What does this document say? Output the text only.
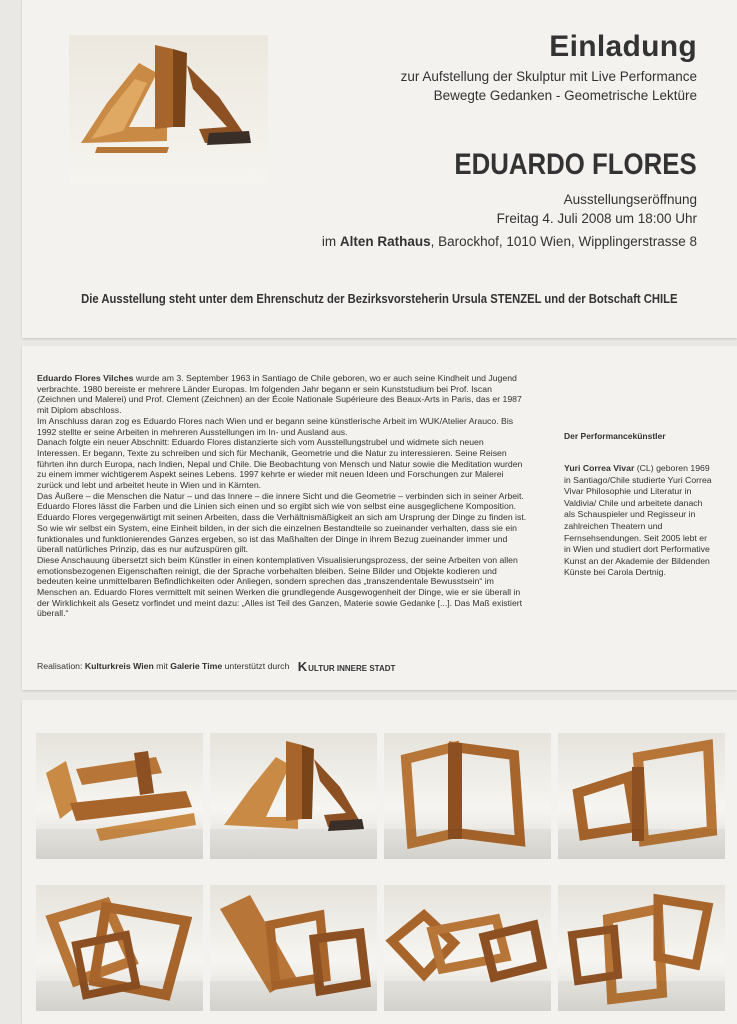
Einladung
zur Aufstellung der Skulptur mit Live Performance
Bewegte Gedanken - Geometrische Lektüre
EDUARDO FLORES
Ausstellungseröffnung
Freitag 4. Juli 2008 um 18:00 Uhr
im Alten Rathaus, Barockhof, 1010 Wien, Wipplingerstrasse 8
Die Ausstellung steht unter dem Ehrenschutz der Bezirksvorsteherin Ursula STENZEL und der Botschaft CHILE

Eduardo Flores Vilches wurde am 3. September 1963 in Santiago de Chile geboren, wo er auch seine Kindheit und Jugend verbrachte. 1980 bereiste er mehrere Länder Europas. Im folgenden Jahr begann er sein Kunststudium bei Prof. Iscan (Zeichnen und Malerei) und Prof. Clement (Zeichnen) an der École Nationale Supérieure des Beaux-Arts in Paris, das er 1987 mit Diplom abschloss.

Im Anschluss daran zog es Eduardo Flores nach Wien und er begann seine künstlerische Arbeit im WUK/Atelier Arauco. Bis 1992 stellte er seine Arbeiten in mehreren Ausstellungen im In- und Ausland aus.

Danach folgte ein neuer Abschnitt: Eduardo Flores distanzierte sich vom Ausstellungstrubel und widmete sich neuen Interessen. Er begann, Texte zu schreiben und sich für Mechanik, Geometrie und die Natur zu interessieren. Seine Reisen führten ihn durch Europa, nach Indien, Nepal und Chile. Die Beobachtung von Mensch und Natur sowie die Meditation wurden zu einem immer wichtigerem Aspekt seines Lebens. 1997 kehrte er wieder mit neuen Ideen und Forschungen zur Malerei zurück und lebt und arbeitet heute in Wien und in Kärnten.

Das Äußere – die Menschen die Natur – und das Innere – die innere Sicht und die Geometrie – verbinden sich in seiner Arbeit. Eduardo Flores lässt die Farben und die Linien sich einen und so ergibt sich wie von selbst eine ausgeglichene Komposition.

Eduardo Flores vergegenwärtigt mit seinen Arbeiten, dass die Verhältnismäßigkeit an sich am Ursprung der Dinge zu finden ist. So wie wir selbst ein System, eine Einheit bilden, in der sich die einzelnen Bestandteile so zueinander verhalten, dass sie ein funktionales und funktionierendes Ganzes ergeben, so ist das Maßhalten der Dinge in ihrem Bezug zueinander immer und überall natürliches Prinzip, das es nur aufzuspüren gilt.

Diese Anschauung übersetzt sich beim Künstler in einen kontemplativen Visualisierungsprozess, der seine Arbeiten von allen emotionsbezogenen Eigenschaften reinigt, die der Sprache vorbehalten bleiben. Seine Bilder und Objekte kodieren und bedeuten keine unmittelbaren Befindlichkeiten oder Anliegen, sondern sprechen das „transzendentale Bewusstsein“ im Menschen an. Eduardo Flores vermittelt mit seinen Werken die grundlegende Ausgewogenheit der Dinge, wie er sie überall in der Wirklichkeit als Gesetz vorfindet und meint dazu: „Alles ist Teil des Ganzen, Materie sowie Gedanke [...]. Das Maß existiert überall.“

Realisation: Kulturkreis Wien mit Galerie Time unterstützt durch KULTUR INNERE STADT
Der Performancekünstler
Yuri Correa Vivar (CL) geboren 1969 in Santiago/Chile studierte Yuri Correa Vivar Philosophie und Literatur in Valdivia/ Chile und arbeitete danach als Schauspieler und Regisseur in zahlreichen Theatern und Fernsehsendungen. Seit 2005 lebt er in Wien und studiert dort Performative Kunst an der Akademie der Bildenden Künste bei Carola Dertnig.
